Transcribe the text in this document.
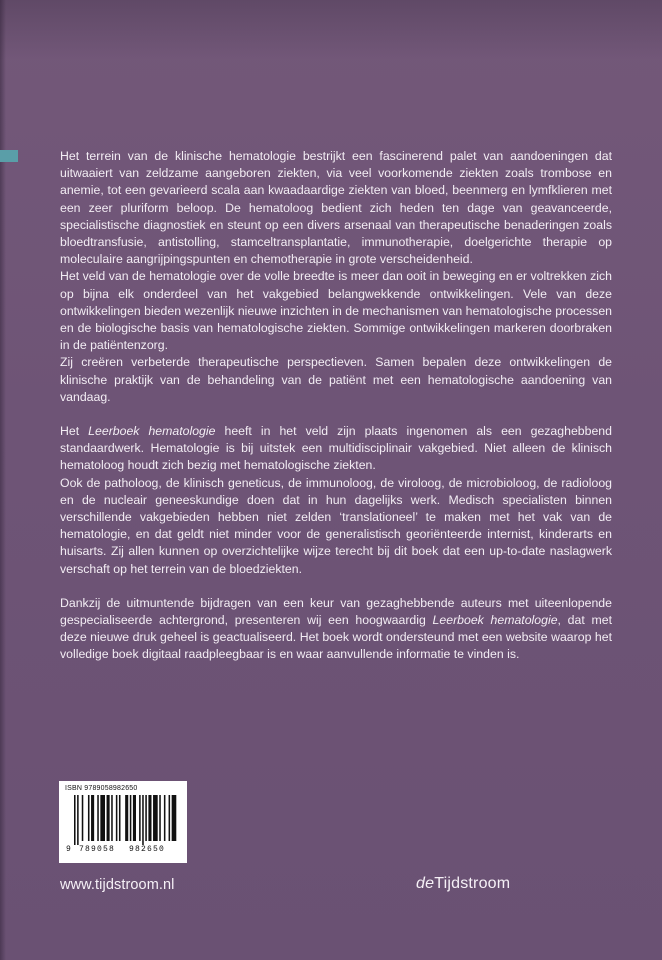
Het terrein van de klinische hematologie bestrijkt een fascinerend palet van aandoeningen dat uitwaaiert van zeldzame aangeboren ziekten, via veel voorkomende ziekten zoals trombose en anemie, tot een gevarieerd scala aan kwaadaardige ziekten van bloed, beenmerg en lymfklieren met een zeer pluriform beloop. De hematoloog bedient zich heden ten dage van geavanceerde, specialistische diagnostiek en steunt op een divers arsenaal van therapeutische benaderingen zoals bloedtransfusie, antistolling, stamceltransplantatie, immunotherapie, doelgerichte therapie op moleculaire aangrijpingspunten en chemotherapie in grote verscheidenheid.

Het veld van de hematologie over de volle breedte is meer dan ooit in beweging en er voltrekken zich op bijna elk onderdeel van het vakgebied belangwekkende ontwikkelingen. Vele van deze ontwikkelingen bieden wezenlijk nieuwe inzichten in de mechanismen van hematologische processen en de biologische basis van hematologische ziekten. Sommige ontwikkelingen markeren doorbraken in de patiëntenzorg.

Zij creëren verbeterde therapeutische perspectieven. Samen bepalen deze ontwikkelingen de klinische praktijk van de behandeling van de patiënt met een hematologische aandoening van vandaag.

Het Leerboek hematologie heeft in het veld zijn plaats ingenomen als een gezaghebbend standaardwerk. Hematologie is bij uitstek een multidisciplinair vakgebied. Niet alleen de klinisch hematoloog houdt zich bezig met hematologische ziekten.

Ook de patholoog, de klinisch geneticus, de immunoloog, de viroloog, de microbioloog, de radioloog en de nucleair geneeskundige doen dat in hun dagelijks werk. Medisch specialisten binnen verschillende vakgebieden hebben niet zelden ‘translationeel’ te maken met het vak van de hematologie, en dat geldt niet minder voor de generalistisch georiënteerde internist, kinderarts en huisarts. Zij allen kunnen op overzichtelijke wijze terecht bij dit boek dat een up-to-date naslagwerk verschaft op het terrein van de bloedziekten.

Dankzij de uitmuntende bijdragen van een keur van gezaghebbende auteurs met uiteenlopende gespecialiseerde achtergrond, presenteren wij een hoogwaardig Leerboek hematologie, dat met deze nieuwe druk geheel is geactualiseerd. Het boek wordt ondersteund met een website waarop het volledige boek digitaal raadpleegbaar is en waar aanvullende informatie te vinden is.

ISBN 9789058982650
9 789058 982650
www.tijdstroom.nl	deTijdstroom
